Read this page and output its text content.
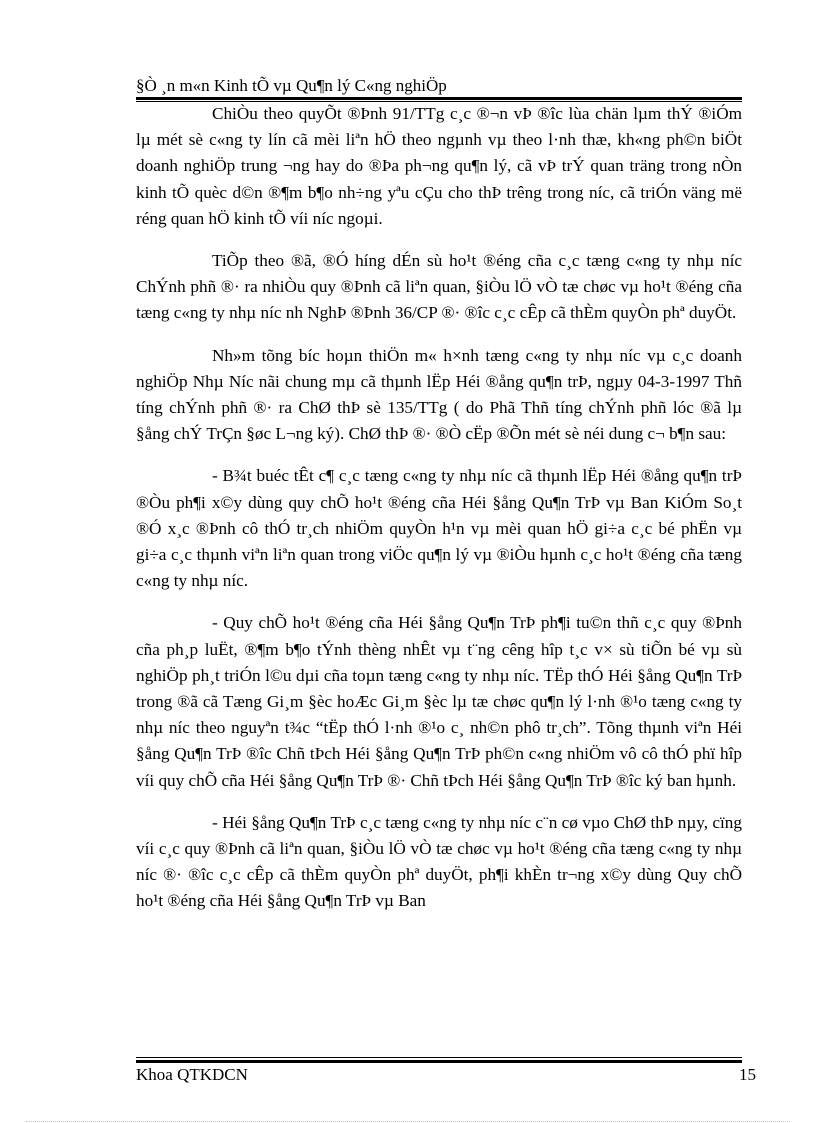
§Ò ¸n m«n Kinh tÕ vµ Qu¶n lý C«ng nghiÖp

ChiÒu theo quyÕt ®Þnh 91/TTg c¸c ®¬n vÞ ®îc lùa chän lµm thÝ ®iÓm lµ mét sè c«ng ty lín cã mèi liªn hÖ theo ngµnh vµ theo l·nh thæ, kh«ng ph©n biÖt doanh nghiÖp trung ¬ng hay do ®Þa ph¬ng qu¶n lý, cã vÞ trÝ quan träng trong nÒn kinh tÕ quèc d©n ®¶m b¶o nh÷ng yªu cÇu cho thÞ trêng trong níc, cã triÓn väng më réng quan hÖ kinh tÕ víi níc ngoµi.

TiÕp theo ®ã, ®Ó híng dÉn sù ho¹t ®éng cña c¸c tæng c«ng ty nhµ níc ChÝnh phñ ®· ra nhiÒu quy ®Þnh cã liªn quan, §iÒu lÖ vÒ tæ chøc vµ ho¹t ®éng cña tæng c«ng ty nhµ níc nh NghÞ ®Þnh 36/CP ®· ®îc c¸c cÊp cã thÈm quyÒn phª duyÖt.

Nh»m tõng bíc hoµn thiÖn m« h×nh tæng c«ng ty nhµ níc vµ c¸c doanh nghiÖp Nhµ Níc nãi chung mµ cã thµnh lËp Héi ®ång qu¶n trÞ, ngµy 04-3-1997 Thñ tíng chÝnh phñ ®· ra ChØ thÞ sè 135/TTg ( do Phã Thñ tíng chÝnh phñ lóc ®ã lµ §ång chÝ TrÇn §øc L¬ng ký). ChØ thÞ ®· ®Ò cËp ®Õn mét sè néi dung c¬ b¶n sau:

- B¾t buéc tÊt c¶ c¸c tæng c«ng ty nhµ níc cã thµnh lËp Héi ®ång qu¶n trÞ ®Òu ph¶i x©y dùng quy chÕ ho¹t ®éng cña Héi §ång Qu¶n TrÞ vµ Ban KiÓm So¸t ®Ó x¸c ®Þnh cô thÓ tr¸ch nhiÖm quyÒn h¹n vµ mèi quan hÖ gi÷a c¸c bé phËn vµ gi÷a c¸c thµnh viªn liªn quan trong viÖc qu¶n lý vµ ®iÒu hµnh c¸c ho¹t ®éng cña tæng c«ng ty nhµ níc.

- Quy chÕ ho¹t ®éng cña Héi §ång Qu¶n TrÞ ph¶i tu©n thñ c¸c quy ®Þnh cña ph¸p luËt, ®¶m b¶o tÝnh thèng nhÊt vµ t¨ng cêng hîp t¸c v× sù tiÕn bé vµ sù nghiÖp ph¸t triÓn l©u dµi cña toµn tæng c«ng ty nhµ níc. TËp thÓ Héi §ång Qu¶n TrÞ trong ®ã cã Tæng Gi¸m §èc hoÆc Gi¸m §èc lµ tæ chøc qu¶n lý l·nh ®¹o tæng c«ng ty nhµ níc theo nguyªn t¾c “tËp thÓ l·nh ®¹o c¸ nh©n phô tr¸ch”. Tõng thµnh viªn Héi §ång Qu¶n TrÞ ®îc Chñ tÞch Héi §ång Qu¶n TrÞ ph©n c«ng nhiÖm vô cô thÓ phï hîp víi quy chÕ cña Héi §ång Qu¶n TrÞ ®· Chñ tÞch Héi §ång Qu¶n TrÞ ®îc ký ban hµnh.

- Héi §ång Qu¶n TrÞ c¸c tæng c«ng ty nhµ níc c¨n cø vµo ChØ thÞ nµy, cïng víi c¸c quy ®Þnh cã liªn quan, §iÒu lÖ vÒ tæ chøc vµ ho¹t ®éng cña tæng c«ng ty nhµ níc ®· ®îc c¸c cÊp cã thÈm quyÒn phª duyÖt, ph¶i khÈn tr¬ng x©y dùng Quy chÕ ho¹t ®éng cña Héi §ång Qu¶n TrÞ vµ Ban

Khoa QTKDCN	15
